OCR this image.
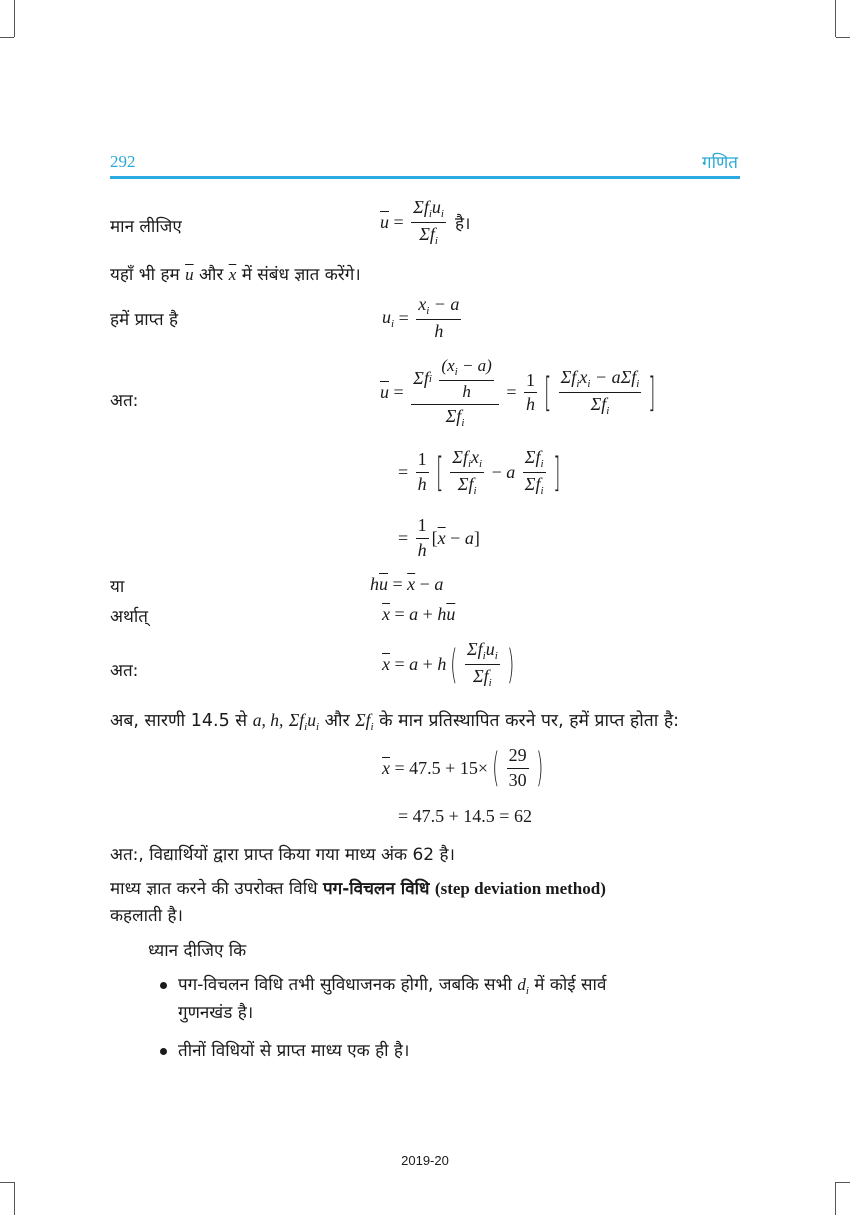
292	गणित
मान लीजिए	$\overline{u} = \frac{\Sigma f_iu_i}{\Sigma f_i}$ है।
यहाँ भी हम $\overline{u}$ और $\overline{x}$ में संबंध ज्ञात करेंगे।
हमें प्राप्त है	$u_i = \frac{x_i - a}{h}$
अत:	$\overline{u} = \Sigma f$ i
$\frac{(x_i - a)}{h}$
$\Sigma f_i = \frac{1}{h}$ [ $\frac{\Sigma f_ix_i - a\Sigma f_i}{\Sigma f_i}$ ]
= $\frac{1}{h}$ [ $\frac{\Sigma f_ix_i}{\Sigma f_i} - a$
$\frac{\Sigma f_i}{\Sigma f_i}$ ]
= $\frac{1}{h}$ [ $\overline{x} - a$ ]
या	h $\overline{u} = \overline{x} - a$
अर्थात्	$\overline{x} = a + h$ $\overline{u}$
अत:	$\overline{x} = a + h$ ( $\frac{\Sigma f_iu_i}{\Sigma f_i}$ )
अब, सारणी 14.5 से a, h, $\Sigma f_iu_i$ और $\Sigma f_i$ के मान प्रतिस्थापित करने पर, हमें प्राप्त होता है:
$\overline{x} = 47.5 + 15$ × ( $\frac{29}{30}$ )
= 47.5 + 14.5 = 62
अत:, विद्यार्थियों द्वारा प्राप्त किया गया माध्य अंक 62 है।
माध्य ज्ञात करने की उपरोक्त विधि पग-विचलन विधि (step deviation method)
कहलाती है।
ध्यान दीजिए कि
पग-विचलन विधि तभी सुविधाजनक होगी, जबकि सभी $d_i$ में कोई सार्व
गुणनखंड है।
तीनों विधियों से प्राप्त माध्य एक ही है।
2019-20
